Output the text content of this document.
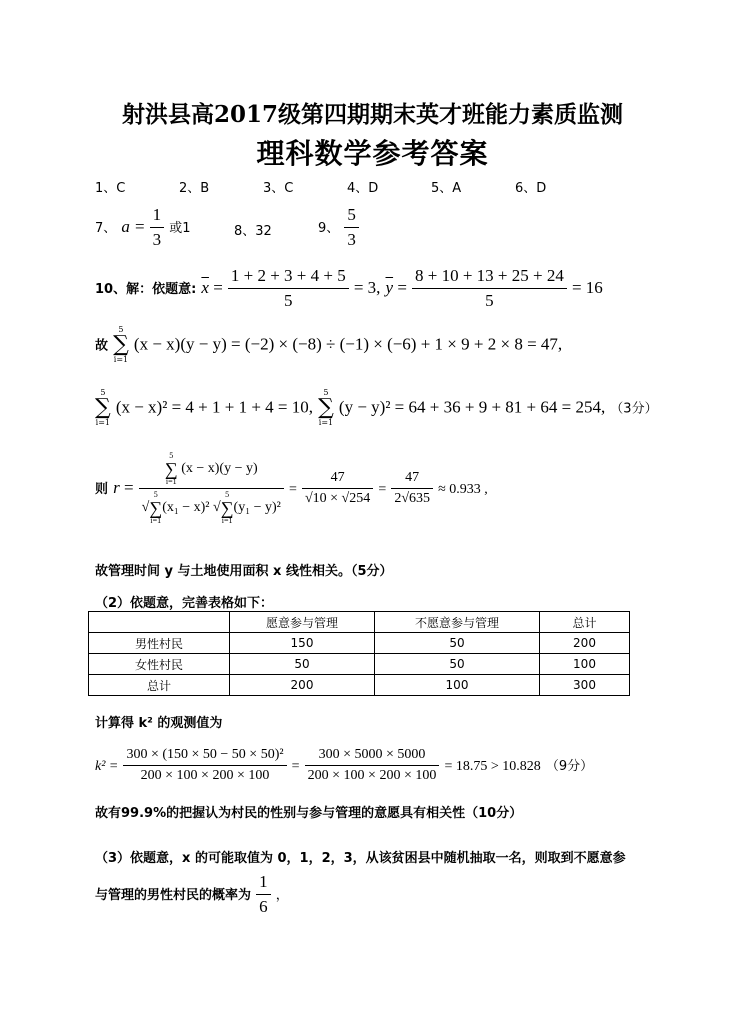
射洪县高2017级第四期期末英才班能力素质监测
理科数学参考答案
1、C	2、B	3、C	4、D	5、A	6、D
7、 $a = \frac{1}{3}$ 或1	8、32	9、 $\frac{5}{3}$
10、解：依题意: $\overline{x} = \frac{1 + 2 + 3 + 4 + 5}{5} = 3$, $\overline{y} = \frac{8 + 10 + 13 + 25 + 24}{5} = 16$
故
5
∑
i=1
(x − x)(y − y) = (−2) × (−8) ÷ (−1) × (−6) + 1 × 9 + 2 × 8 = 47,
5
∑
i=1
(x − x)² = 4 + 1 + 1 + 4 = 10,
5
∑
i=1
(y − y)² = 64 + 36 + 9 + 81 + 64 = 254, （3分）
则 r = 5
∑
i=1
(x − x)(y − y)
√
5
∑
i=1
(x₁ − x)² √
5
∑
i=1
$(y_1 - y)^2 = \frac{47}{√10 \times √254} = \frac{47}{2√635} \approx 0.933$ ,
故管理时间 y 与土地使用面积 x 线性相关。（5分）
（2）依题意，完善表格如下：
	愿意参与管理	不愿意参与管理	总计
男性村民	150	50	200
女性村民	50	50	100
总计	200	100	300
计算得 k² 的观测值为
$k^2 = \frac{\text{300 × (150 × 50 − 50 × 50)²}}{200 \times 100 \times 200 \times 100} = \frac{300 \times 5000 \times 5000}{200 \times 100 \times 200 \times 100} = 18.75 > 10.828$ （9分）
故有99.9%的把握认为村民的性别与参与管理的意愿具有相关性（10分）
（3）依题意，x 的可能取值为 0，1，2，3，从该贫困县中随机抽取一名，则取到不愿意参
与管理的男性村民的概率为 $\frac{1}{6}$ ，
